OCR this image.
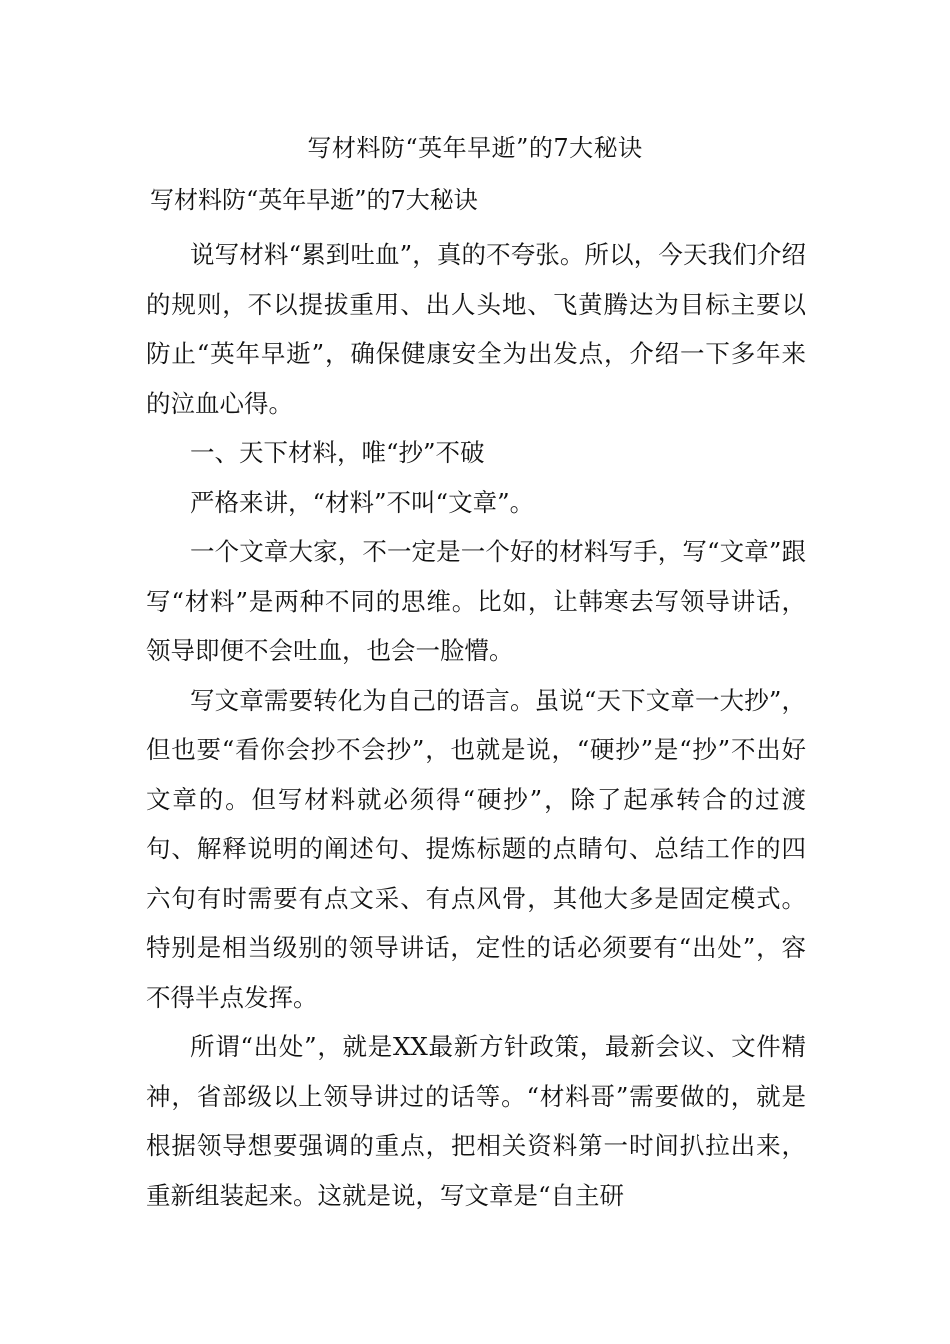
写材料防“英年早逝”的7大秘诀
写材料防“英年早逝”的7大秘诀

说写材料“累到吐血”，真的不夸张。所以，今天我们介绍的规则，不以提拔重用、出人头地、飞黄腾达为目标主要以防止“英年早逝”，确保健康安全为出发点，介绍一下多年来的泣血心得。

一、天下材料，唯“抄”不破

严格来讲，“材料”不叫“文章”。

一个文章大家，不一定是一个好的材料写手，写“文章”跟写“材料”是两种不同的思维。比如，让韩寒去写领导讲话，领导即便不会吐血，也会一脸懵。

写文章需要转化为自己的语言。虽说“天下文章一大抄”，但也要“看你会抄不会抄”，也就是说，“硬抄”是“抄”不出好文章的。但写材料就必须得“硬抄”，除了起承转合的过渡句、解释说明的阐述句、提炼标题的点睛句、总结工作的四六句有时需要有点文采、有点风骨，其他大多是固定模式。特别是相当级别的领导讲话，定性的话必须要有“出处”，容不得半点发挥。

所谓“出处”，就是XX最新方针政策，最新会议、文件精神，省部级以上领导讲过的话等。“材料哥”需要做的，就是根据领导想要强调的重点，把相关资料第一时间扒拉出来，重新组装起来。这就是说，写文章是“自主研
